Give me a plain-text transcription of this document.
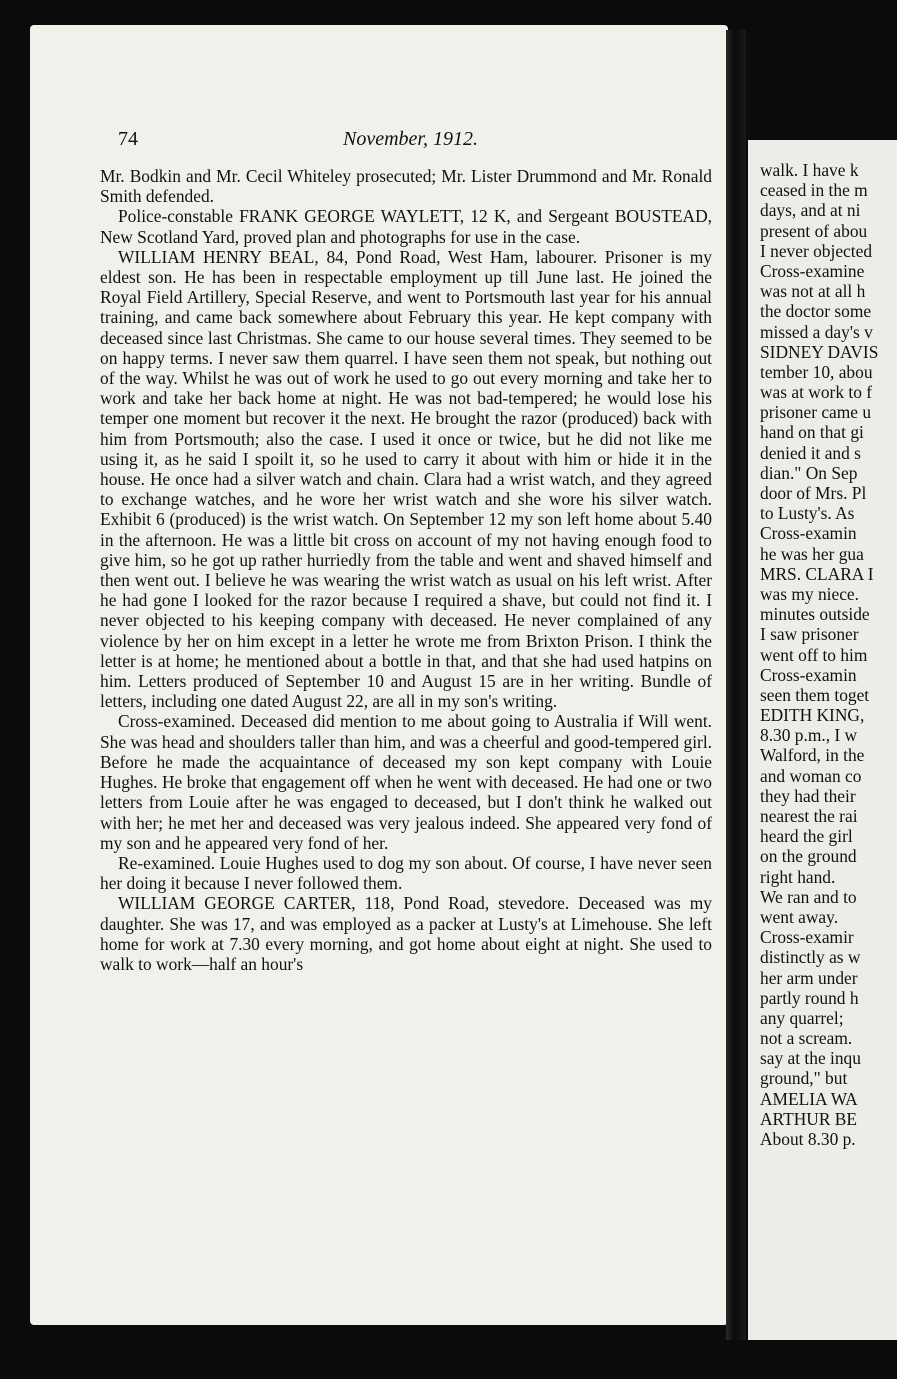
74	November, 1912.

Mr. Bodkin and Mr. Cecil Whiteley prosecuted; Mr. Lister Drummond and Mr. Ronald Smith defended.

Police-constable FRANK GEORGE WAYLETT, 12 K, and Sergeant BOUSTEAD, New Scotland Yard, proved plan and photographs for use in the case.

WILLIAM HENRY BEAL, 84, Pond Road, West Ham, labourer. Prisoner is my eldest son. He has been in respectable employment up till June last. He joined the Royal Field Artillery, Special Reserve, and went to Portsmouth last year for his annual training, and came back somewhere about February this year. He kept company with deceased since last Christmas. She came to our house several times. They seemed to be on happy terms. I never saw them quarrel. I have seen them not speak, but nothing out of the way. Whilst he was out of work he used to go out every morning and take her to work and take her back home at night. He was not bad-tempered; he would lose his temper one moment but recover it the next. He brought the razor (produced) back with him from Portsmouth; also the case. I used it once or twice, but he did not like me using it, as he said I spoilt it, so he used to carry it about with him or hide it in the house. He once had a silver watch and chain. Clara had a wrist watch, and they agreed to exchange watches, and he wore her wrist watch and she wore his silver watch. Exhibit 6 (produced) is the wrist watch. On September 12 my son left home about 5.40 in the afternoon. He was a little bit cross on account of my not having enough food to give him, so he got up rather hurriedly from the table and went and shaved himself and then went out. I believe he was wearing the wrist watch as usual on his left wrist. After he had gone I looked for the razor because I required a shave, but could not find it. I never objected to his keeping company with deceased. He never complained of any violence by her on him except in a letter he wrote me from Brixton Prison. I think the letter is at home; he mentioned about a bottle in that, and that she had used hatpins on him. Letters produced of September 10 and August 15 are in her writing. Bundle of letters, including one dated August 22, are all in my son's writing.

Cross-examined. Deceased did mention to me about going to Australia if Will went. She was head and shoulders taller than him, and was a cheerful and good-tempered girl. Before he made the acquaintance of deceased my son kept company with Louie Hughes. He broke that engagement off when he went with deceased. He had one or two letters from Louie after he was engaged to deceased, but I don't think he walked out with her; he met her and deceased was very jealous indeed. She appeared very fond of my son and he appeared very fond of her.

Re-examined. Louie Hughes used to dog my son about. Of course, I have never seen her doing it because I never followed them.

WILLIAM GEORGE CARTER, 118, Pond Road, stevedore. Deceased was my daughter. She was 17, and was employed as a packer at Lusty's at Limehouse. She left home for work at 7.30 every morning, and got home about eight at night. She used to walk to work—half an hour's

walk. I have k
ceased in the m
days, and at ni
present of abou
I never objected
Cross-examine
was not at all h
the doctor some
missed a day's v
SIDNEY DAVIS
tember 10, abou
was at work to f
prisoner came u
hand on that gi
denied it and s
dian." On Sep
door of Mrs. Pl
to Lusty's. As
Cross-examin
he was her gua
MRS. CLARA I
was my niece.
minutes outside
I saw prisoner
went off to him
Cross-examin
seen them toget
EDITH KING,
8.30 p.m., I w
Walford, in the
and woman co
they had their
nearest the rai
heard the girl
on the ground
right hand.
We ran and to
went away.
Cross-examir
distinctly as w
her arm under
partly round h
any quarrel;
not a scream.
say at the inqu
ground," but
AMELIA WA
ARTHUR BE
About 8.30 p.
